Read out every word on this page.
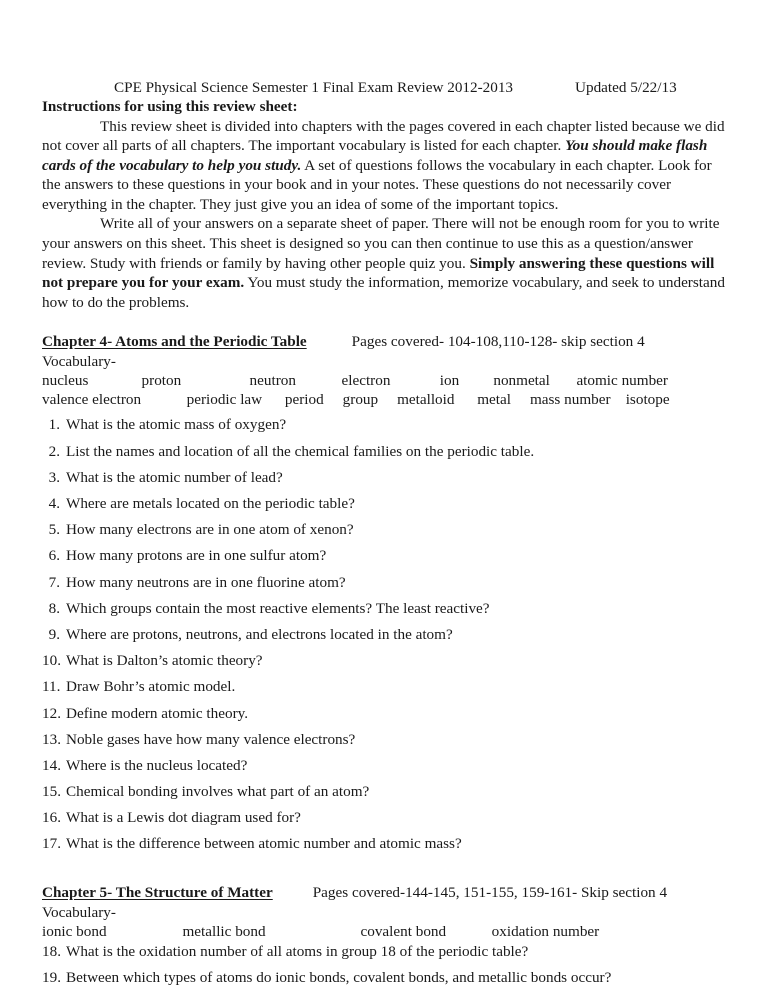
CPE Physical Science Semester 1 Final Exam Review 2012-2013	Updated 5/22/13
Instructions for using this review sheet:

This review sheet is divided into chapters with the pages covered in each chapter listed because we did not cover all parts of all chapters. The important vocabulary is listed for each chapter. You should make flash cards of the vocabulary to help you study. A set of questions follows the vocabulary in each chapter. Look for the answers to these questions in your book and in your notes. These questions do not necessarily cover everything in the chapter. They just give you an idea of some of the important topics.

Write all of your answers on a separate sheet of paper. There will not be enough room for you to write your answers on this sheet. This sheet is designed so you can then continue to use this as a question/answer review. Study with friends or family by having other people quiz you. Simply answering these questions will not prepare you for your exam. You must study the information, memorize vocabulary, and seek to understand how to do the problems.

Chapter 4- Atoms and the Periodic Table	Pages covered- 104-108,110-128- skip section 4
Vocabulary-
nucleus              proton                  neutron            electron             ion         nonmetal       atomic number
valence electron            periodic law      period     group     metalloid      metal     mass number    isotope
1. What is the atomic mass of oxygen?
2. List the names and location of all the chemical families on the periodic table.
3. What is the atomic number of lead?
4. Where are metals located on the periodic table?
5. How many electrons are in one atom of xenon?
6. How many protons are in one sulfur atom?
7. How many neutrons are in one fluorine atom?
8. Which groups contain the most reactive elements? The least reactive?
9. Where are protons, neutrons, and electrons located in the atom?
10. What is Dalton’s atomic theory?
11. Draw Bohr’s atomic model.
12. Define modern atomic theory.
13. Noble gases have how many valence electrons?
14. Where is the nucleus located?
15. Chemical bonding involves what part of an atom?
16. What is a Lewis dot diagram used for?
17. What is the difference between atomic number and atomic mass?
Chapter 5- The Structure of Matter	Pages covered-144-145, 151-155, 159-161- Skip section 4
Vocabulary-
ionic bond                    metallic bond                         covalent bond            oxidation number
18. What is the oxidation number of all atoms in group 18 of the periodic table?
19. Between which types of atoms do ionic bonds, covalent bonds, and metallic bonds occur?
